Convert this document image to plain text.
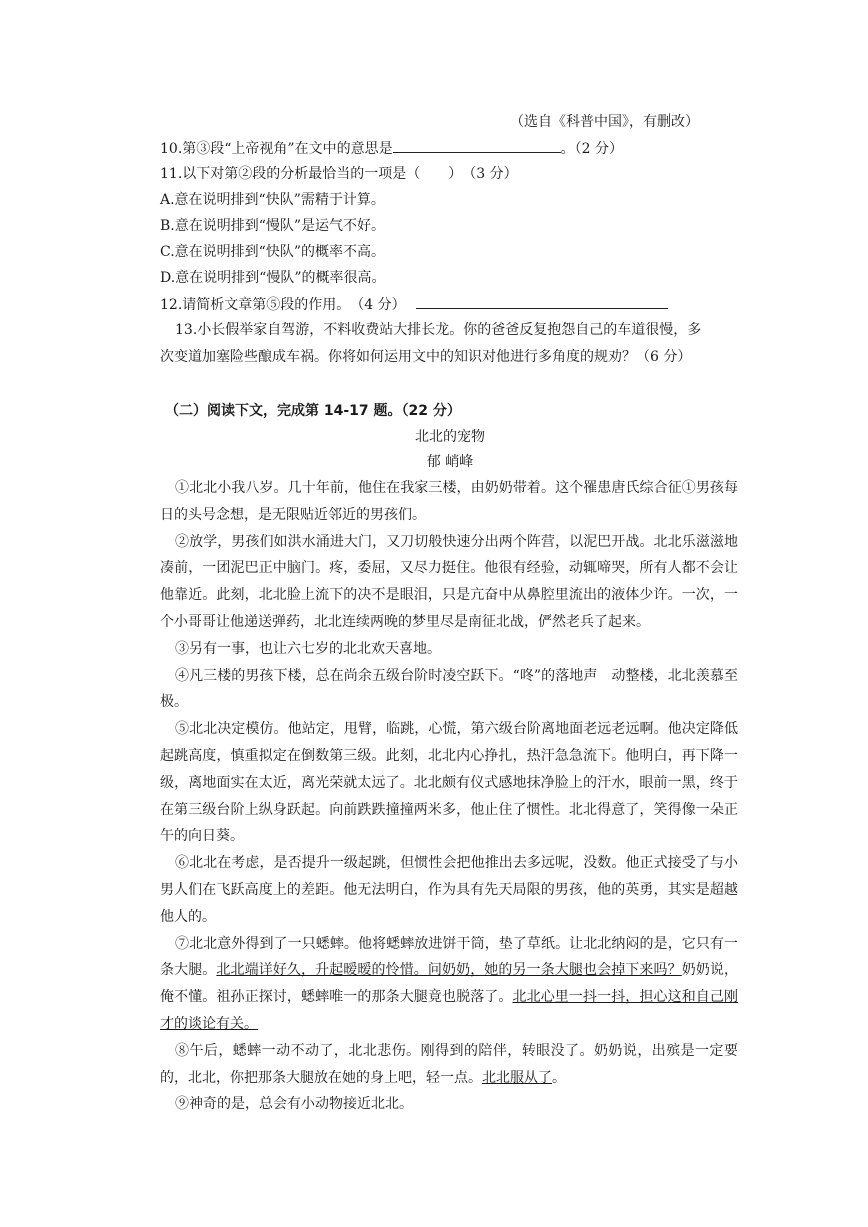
（选自《科普中国》，有删改）
10.第③段“上帝视角”在文中的意思是	。（2 分）
11.以下对第②段的分析最恰当的一项是（　　）　（3 分）
A.意在说明排到“快队”需精于计算。
B.意在说明排到“慢队”是运气不好。
C.意在说明排到“快队”的概率不高。
D.意在说明排到“慢队”的概率很高。
12.请简析文章第⑤段的作用。　（4 分）
13.小长假举家自驾游，不料收费站大排长龙。你的爸爸反复抱怨自己的车道很慢，多
次变道加塞险些酿成车祸。你将如何运用文中的知识对他进行多角度的规劝？（6 分）
（二）阅读下文，完成第 14-17 题。（22 分）
北北的宠物
郁 峭峰

①北北小我八岁。几十年前，他住在我家三楼，由奶奶带着。这个罹患唐氏综合征①男孩每日的头号念想，是无限贴近邻近的男孩们。

②放学，男孩们如洪水涌进大门，又刀切般快速分出两个阵营，以泥巴开战。北北乐滋滋地凑前，一团泥巴正中脑门。疼，委屈，又尽力挺住。他很有经验，动辄啼哭，所有人都不会让他靠近。此刻，北北脸上流下的决不是眼泪，只是亢奋中从鼻腔里流出的液体少许。一次，一个小哥哥让他递送弹药，北北连续两晚的梦里尽是南征北战，俨然老兵了起来。

③另有一事，也让六七岁的北北欢天喜地。

④凡三楼的男孩下楼，总在尚余五级台阶时凌空跃下。“咚”的落地声　动整楼，北北羡慕至极。

⑤北北决定模仿。他站定，甩臂，临跳，心慌，第六级台阶离地面老远老远啊。他决定降低起跳高度，慎重拟定在倒数第三级。此刻，北北内心挣扎，热汗急急流下。他明白，再下降一级，离地面实在太近，离光荣就太远了。北北颇有仪式感地抹净脸上的汗水，眼前一黑，终于在第三级台阶上纵身跃起。向前跌跌撞撞两米多，他止住了惯性。北北得意了，笑得像一朵正午的向日葵。

⑥北北在考虑，是否提升一级起跳，但惯性会把他推出去多远呢，没数。他正式接受了与小男人们在飞跃高度上的差距。他无法明白，作为具有先天局限的男孩，他的英勇，其实是超越他人的。

⑦北北意外得到了一只蟋蟀。他将蟋蟀放进饼干筒，垫了草纸。让北北纳闷的是，它只有一条大腿。北北端详好久，升起暧暧的怜惜。问奶奶，她的另一条大腿也会掉下来吗？奶奶说，俺不懂。祖孙正探讨，蟋蟀唯一的那条大腿竟也脱落了。北北心里一抖一抖，担心这和自己刚才的谈论有关。

⑧午后，蟋蟀一动不动了，北北悲伤。刚得到的陪伴，转眼没了。奶奶说，出殡是一定要的，北北，你把那条大腿放在她的身上吧，轻一点。北北服从了。

⑨神奇的是，总会有小动物接近北北。
